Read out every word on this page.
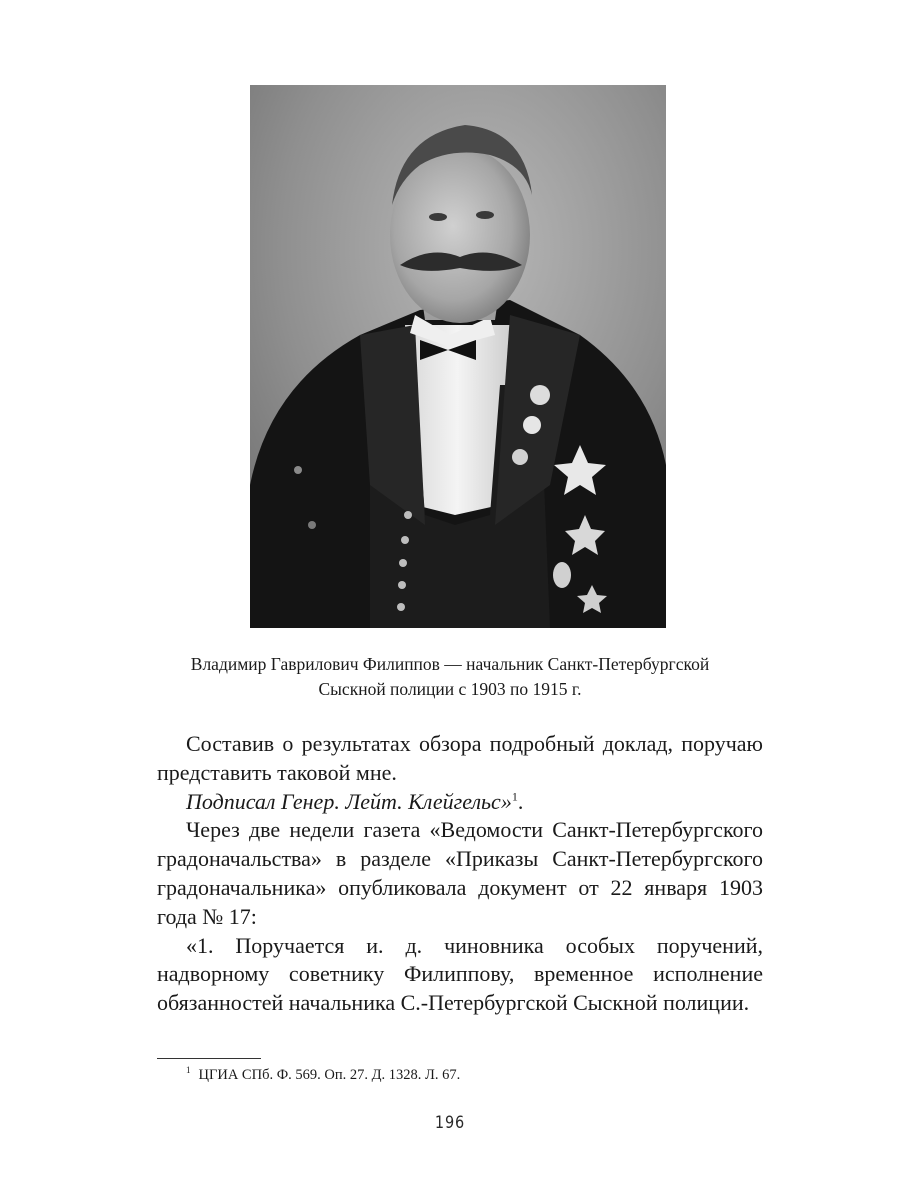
Владимир Гаврилович Филиппов — начальник Санкт-Петербургской
Сыскной полиции с 1903 по 1915 г.

Составив о результатах обзора подробный доклад, поручаю представить таковой мне.

Подписал Генер. Лейт. Клейгельс»$^1$.

Через две недели газета «Ведомости Санкт-Петербургского градоначальства» в разделе «Приказы Санкт-Петербургского градоначальника» опубликовала документ от 22 января 1903 года № 17:

«1. Поручается и. д. чиновника особых поручений, надворному советнику Филиппову, временное исполнение обязанностей начальника С.-Петербургской Сыскной полиции.

$^1$ ЦГИА СПб. Ф. 569. Оп. 27. Д. 1328. Л. 67.
196
